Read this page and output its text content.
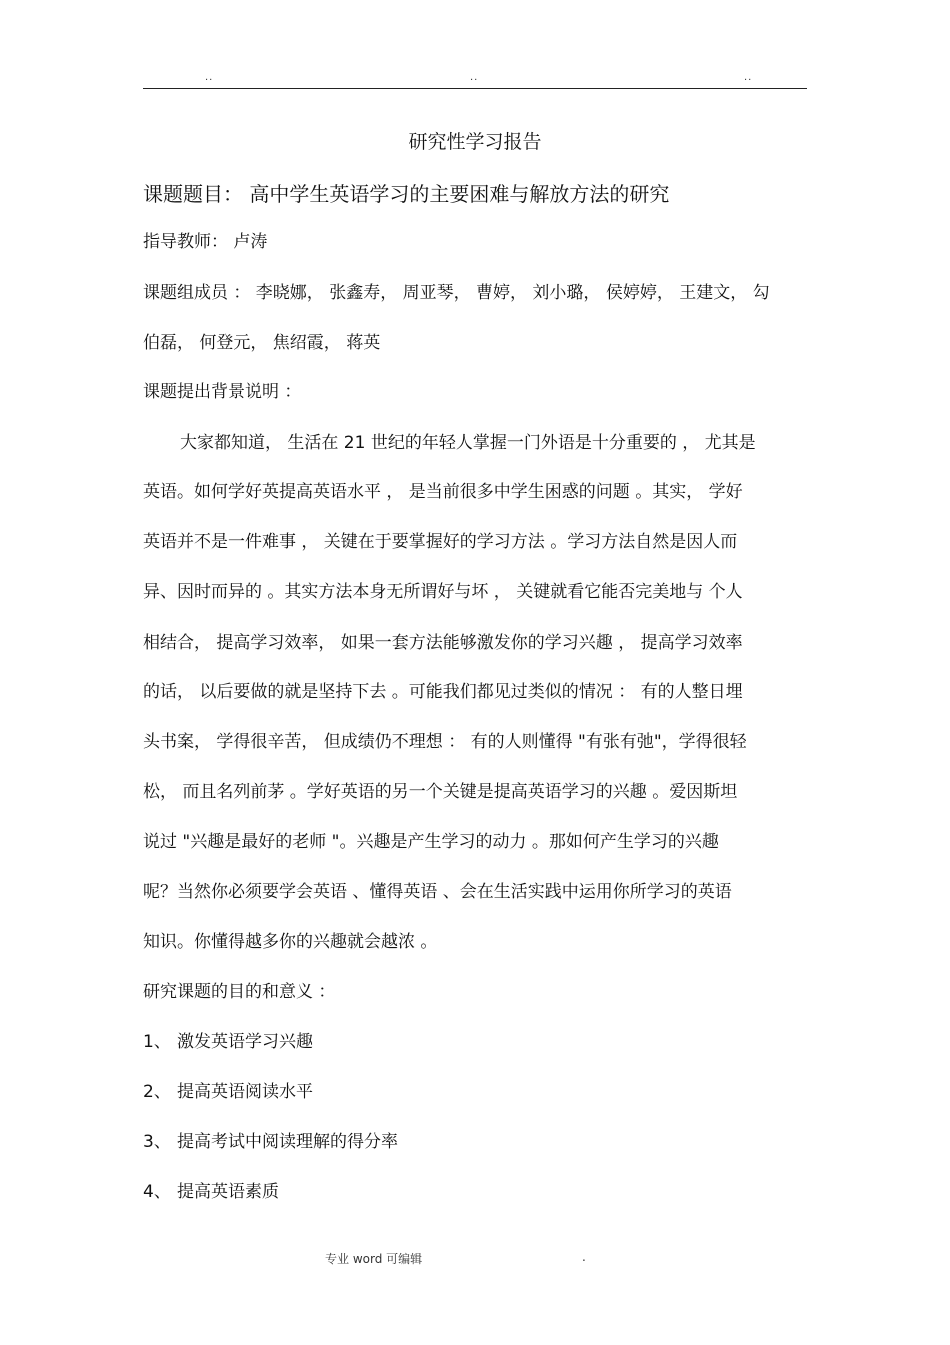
..	..	..
研究性学习报告
课题题目： 高中学生英语学习的主要困难与解放方法的研究
指导教师： 卢涛
课题组成员 ： 李晓娜， 张鑫寿， 周亚琴， 曹婷， 刘小璐， 侯婷婷， 王建文， 勾
伯磊， 何登元， 焦绍霞， 蒋英
课题提出背景说明 ：
大家都知道， 生活在 21 世纪的年轻人掌握一门外语是十分重要的 ， 尤其是
英语。如何学好英提高英语水平 ， 是当前很多中学生困惑的问题 。其实， 学好
英语并不是一件难事 ， 关键在于要掌握好的学习方法 。学习方法自然是因人而
异、因时而异的 。其实方法本身无所谓好与坏 ， 关键就看它能否完美地与 个人
相结合， 提高学习效率， 如果一套方法能够激发你的学习兴趣 ， 提高学习效率
的话， 以后要做的就是坚持下去 。可能我们都见过类似的情况 ： 有的人整日埋
头书案， 学得很辛苦， 但成绩仍不理想 ： 有的人则懂得 "有张有弛"，学得很轻
松， 而且名列前茅 。学好英语的另一个关键是提高英语学习的兴趣 。爱因斯坦
说过 "兴趣是最好的老师 "。兴趣是产生学习的动力 。那如何产生学习的兴趣
呢？当然你必须要学会英语 、懂得英语 、会在生活实践中运用你所学习的英语
知识。你懂得越多你的兴趣就会越浓 。
研究课题的目的和意义 ：
1、 激发英语学习兴趣
2、 提高英语阅读水平
3、 提高考试中阅读理解的得分率
4、 提高英语素质
专业 word 可编辑	.
